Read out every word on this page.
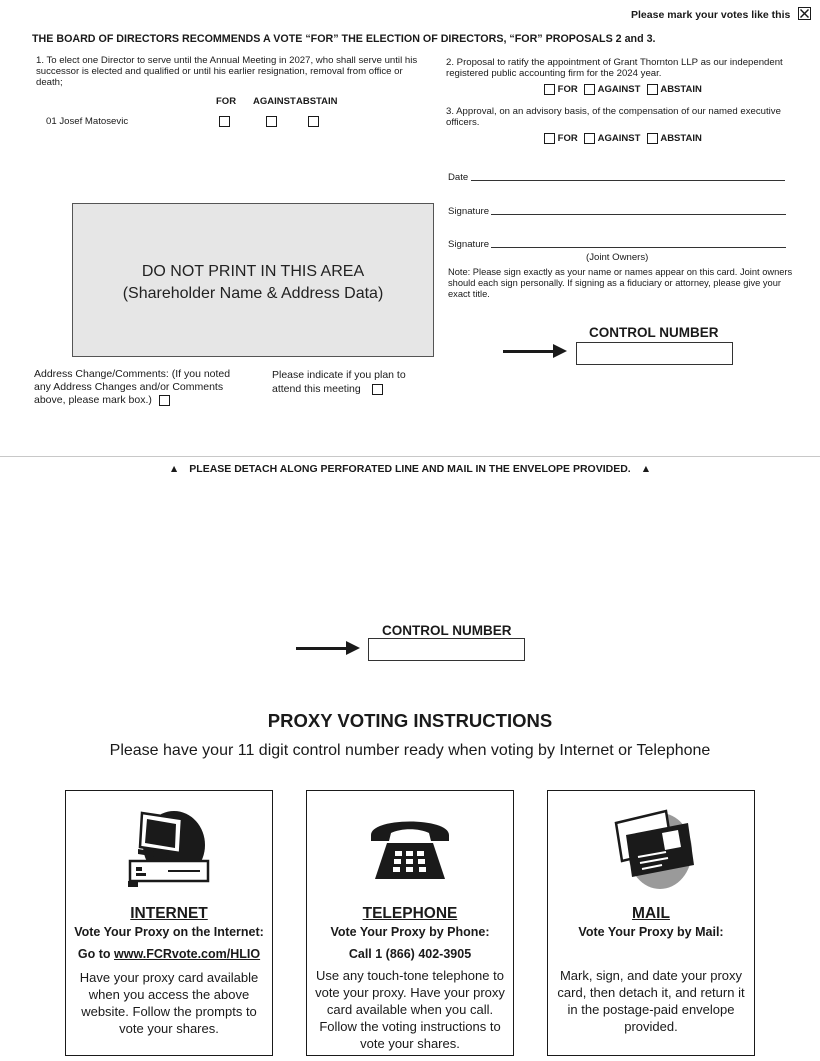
Please mark your votes like this
THE BOARD OF DIRECTORS RECOMMENDS A VOTE “FOR” THE ELECTION OF DIRECTORS, “FOR” PROPOSALS 2 and 3.
1. To elect one Director to serve until the Annual Meeting in 2027, who shall serve until his successor is elected and qualified or until his earlier resignation, removal from office or death;
FOR AGAINST ABSTAIN
01 Josef Matosevic
2. Proposal to ratify the appointment of Grant Thornton LLP as our independent registered public accounting firm for the 2024 year.
FOR AGAINST ABSTAIN
3. Approval, on an advisory basis, of the compensation of our named executive officers.
FOR AGAINST ABSTAIN
Date
Signature
Signature
(Joint Owners)
Note: Please sign exactly as your name or names appear on this card. Joint owners should each sign personally. If signing as a fiduciary or attorney, please give your exact title.
DO NOT PRINT IN THIS AREA
(Shareholder Name & Address Data)
CONTROL NUMBER
Address Change/Comments: (If you noted any Address Changes and/or Comments above, please mark box.)
Please indicate if you plan to attend this meeting
▲ PLEASE DETACH ALONG PERFORATED LINE AND MAIL IN THE ENVELOPE PROVIDED. ▲
CONTROL NUMBER
PROXY VOTING INSTRUCTIONS
Please have your 11 digit control number ready when voting by Internet or Telephone
INTERNET
Vote Your Proxy on the Internet:
Go to www.FCRvote.com/HLIO
Have your proxy card available when you access the above website. Follow the prompts to vote your shares.
TELEPHONE
Vote Your Proxy by Phone:
Call 1 (866) 402-3905
Use any touch-tone telephone to vote your proxy. Have your proxy card available when you call. Follow the voting instructions to vote your shares.
MAIL
Vote Your Proxy by Mail:
Mark, sign, and date your proxy card, then detach it, and return it in the postage-paid envelope provided.
